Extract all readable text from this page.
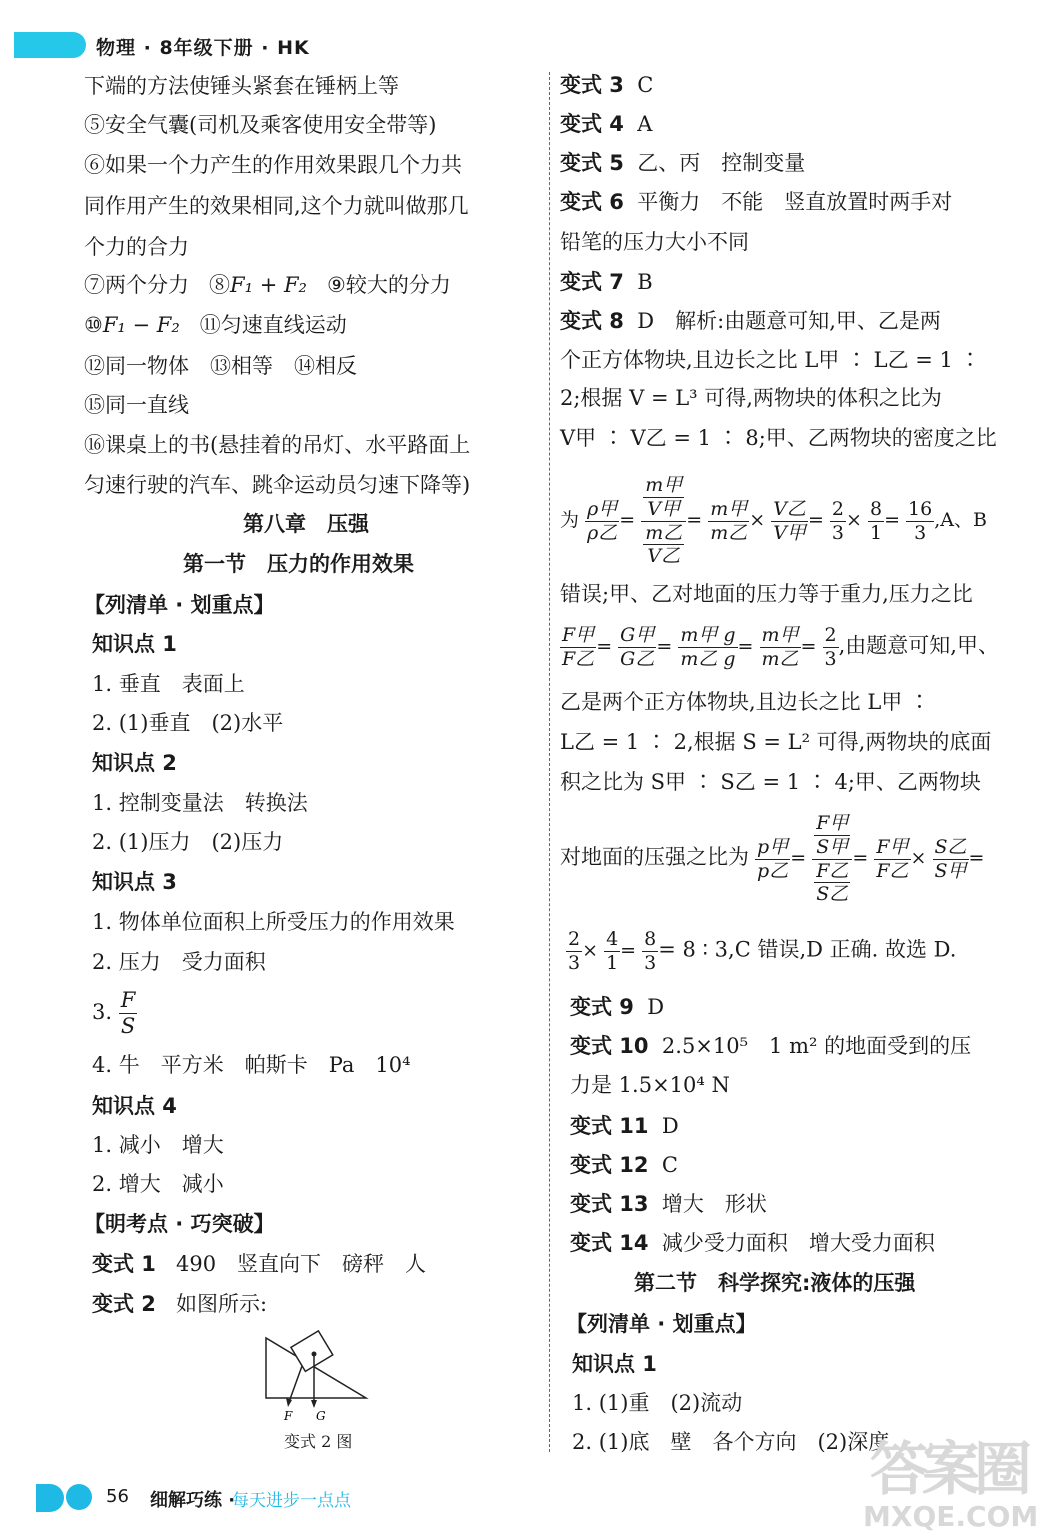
物理 · 8年级下册 · HK
下端的方法使锤头紧套在锤柄上等
⑤安全气囊(司机及乘客使用安全带等)
⑥如果一个力产生的作用效果跟几个力共
同作用产生的效果相同,这个力就叫做那几
个力的合力
⑦两个分力 ⑧F₁ + F₂ ⑨较大的分力
⑩F₁ − F₂ ⑪匀速直线运动
⑫同一物体　⑬相等　⑭相反
⑮同一直线
⑯课桌上的书(悬挂着的吊灯、水平路面上
匀速行驶的汽车、跳伞运动员匀速下降等)
第八章　压强
第一节　压力的作用效果
【列清单 · 划重点】
知识点 1
1. 垂直　表面上
2. (1)垂直　(2)水平
知识点 2
1. 控制变量法　转换法
2. (1)压力　(2)压力
知识点 3
1. 物体单位面积上所受压力的作用效果
2. 压力　受力面积
3. $\frac{F}{S}$
4. 牛　平方米　帕斯卡　Pa　10⁴
知识点 4
1. 减小　增大
2. 增大　减小
【明考点 · 巧突破】
变式 1 490　竖直向下　磅秤　人
变式 2 如图所示:
F G
变式 2 图
变式 3 C
变式 4 A
变式 5 乙、丙　控制变量
变式 6 平衡力　不能　竖直放置时两手对
铅笔的压力大小不同
变式 7 B
变式 8 D　解析:由题意可知,甲、乙是两
个正方体物块,且边长之比 L甲 ∶ L乙 = 1 ∶
2;根据 V = L³ 可得,两物块的体积之比为
V甲 ∶ V乙 = 1 ∶ 8;甲、乙两物块的密度之比
为 $\frac{\text{ρ甲}}{\text{ρ乙}} = \frac{\frac{\text{m甲}}{\text{V甲}}}{\frac{\text{m乙}}{\text{V乙}}} = \frac{\text{m甲}}{\text{m乙}} \times \frac{\text{V乙}}{\text{V甲}} = \frac{2}{3} \times \frac{8}{1} = \frac{16}{3} ,A$、B
错误;甲、乙对地面的压力等于重力,压力之比
$\frac{\text{F甲}}{\text{F乙}} = \frac{\text{G甲}}{\text{G乙}} = \frac{\text{m甲 g}}{\text{m乙 g}} = \frac{\text{m甲}}{\text{m乙}} = \frac{2}{3}$ ,由题意可知,甲、
乙是两个正方体物块,且边长之比 L甲 ∶
L乙 = 1 ∶ 2,根据 S = L² 可得,两物块的底面
积之比为 S甲 ∶ S乙 = 1 ∶ 4;甲、乙两物块
对地面的压强之比为 $\frac{\text{p甲}}{\text{p乙}} = \frac{\frac{\text{F甲}}{\text{S甲}}}{\frac{\text{F乙}}{\text{S乙}}} = \frac{\text{F甲}}{\text{F乙}} \times \frac{\text{S乙}}{\text{S甲}}$ =
$\frac{2}{3} \times \frac{4}{1} = \frac{8}{3} = 8$ ∶ 3,C 错误,D 正确. 故选 D.
变式 9 D
变式 10 2.5×10⁵　1 m² 的地面受到的压
力是 1.5×10⁴ N
变式 11 D
变式 12 C
变式 13 增大　形状
变式 14 减少受力面积　增大受力面积
第二节　科学探究:液体的压强
【列清单 · 划重点】
知识点 1
1. (1)重　(2)流动
2. (1)底　壁　各个方向　(2)深度
56 细解巧练 ·
每天进步一点点	答案圈
MXQE.COM
